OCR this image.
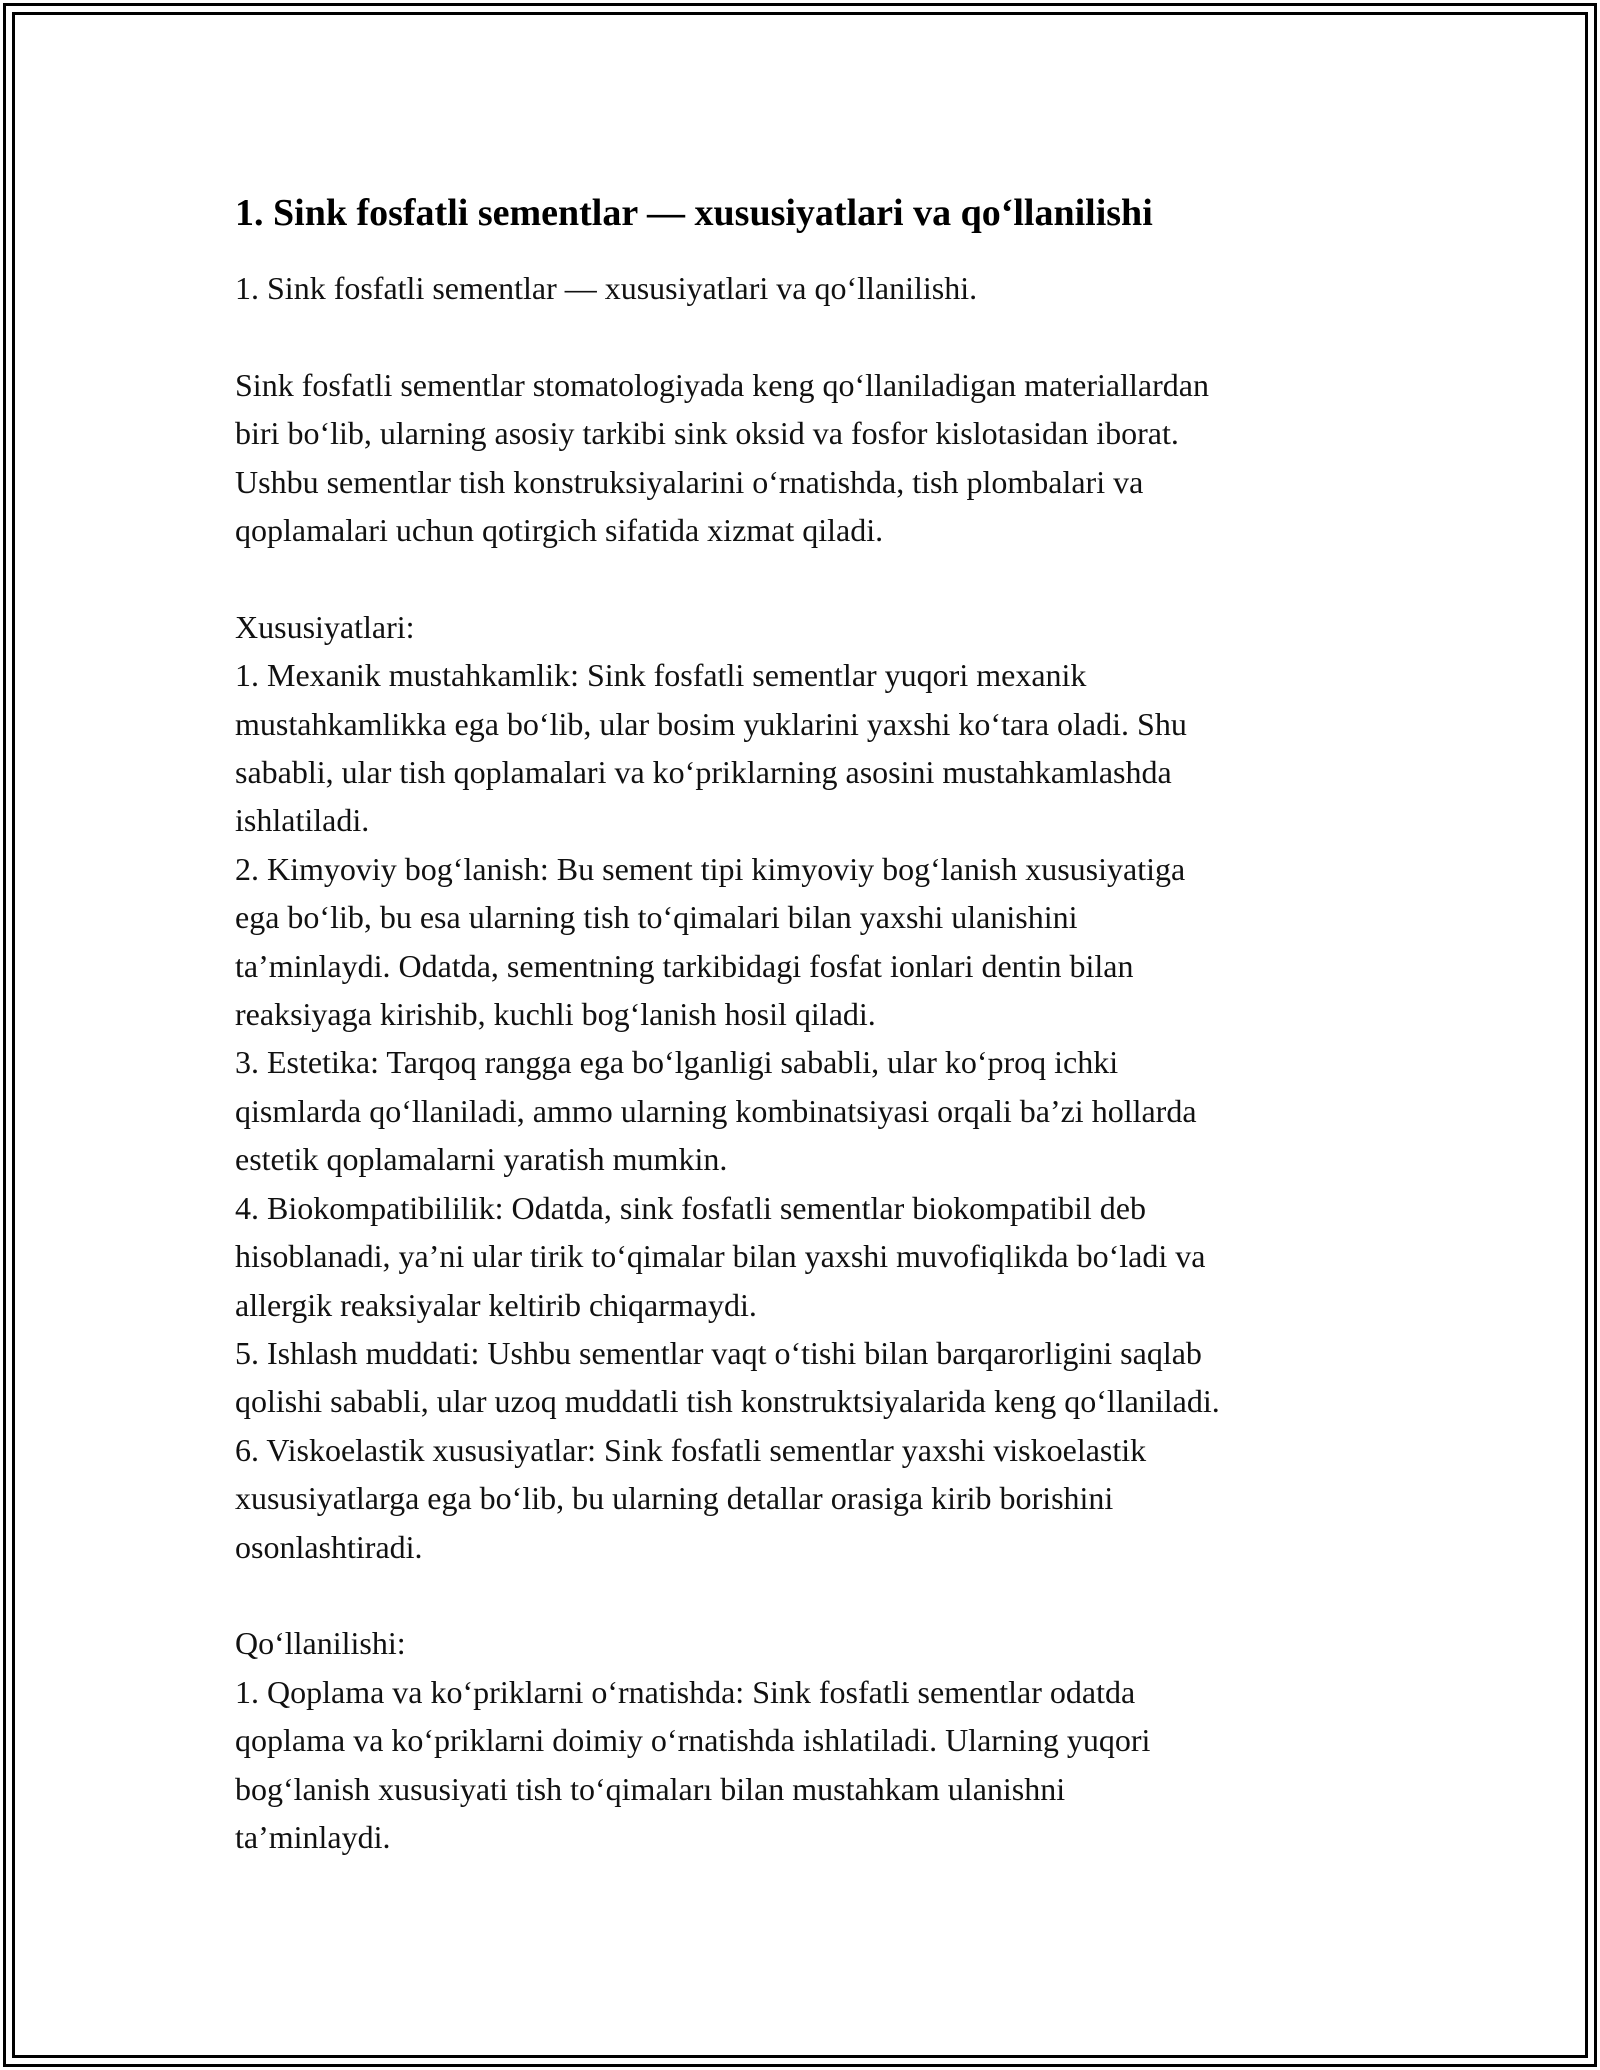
1. Sink fosfatli sementlar — xususiyatlari va qo‘llanilishi

1. Sink fosfatli sementlar — xususiyatlari va qo‘llanilishi.

Sink fosfatli sementlar stomatologiyada keng qo‘llaniladigan materiallardan

biri bo‘lib, ularning asosiy tarkibi sink oksid va fosfor kislotasidan iborat.

Ushbu sementlar tish konstruksiyalarini o‘rnatishda, tish plombalari va

qoplamalari uchun qotirgich sifatida xizmat qiladi.

Xususiyatlari:

1. Mexanik mustahkamlik: Sink fosfatli sementlar yuqori mexanik

mustahkamlikka ega bo‘lib, ular bosim yuklarini yaxshi ko‘tara oladi. Shu

sababli, ular tish qoplamalari va ko‘priklarning asosini mustahkamlashda

ishlatiladi.

2. Kimyoviy bog‘lanish: Bu sement tipi kimyoviy bog‘lanish xususiyatiga

ega bo‘lib, bu esa ularning tish to‘qimalari bilan yaxshi ulanishini

ta’minlaydi. Odatda, sementning tarkibidagi fosfat ionlari dentin bilan

reaksiyaga kirishib, kuchli bog‘lanish hosil qiladi.

3. Estetika: Tarqoq rangga ega bo‘lganligi sababli, ular ko‘proq ichki

qismlarda qo‘llaniladi, ammo ularning kombinatsiyasi orqali ba’zi hollarda

estetik qoplamalarni yaratish mumkin.

4. Biokompatibililik: Odatda, sink fosfatli sementlar biokompatibil deb

hisoblanadi, ya’ni ular tirik to‘qimalar bilan yaxshi muvofiqlikda bo‘ladi va

allergik reaksiyalar keltirib chiqarmaydi.

5. Ishlash muddati: Ushbu sementlar vaqt o‘tishi bilan barqarorligini saqlab

qolishi sababli, ular uzoq muddatli tish konstruktsiyalarida keng qo‘llaniladi.

6. Viskoelastik xususiyatlar: Sink fosfatli sementlar yaxshi viskoelastik

xususiyatlarga ega bo‘lib, bu ularning detallar orasiga kirib borishini

osonlashtiradi.

Qo‘llanilishi:

1. Qoplama va ko‘priklarni o‘rnatishda: Sink fosfatli sementlar odatda

qoplama va ko‘priklarni doimiy o‘rnatishda ishlatiladi. Ularning yuqori

bog‘lanish xususiyati tish to‘qimaları bilan mustahkam ulanishni

ta’minlaydi.
